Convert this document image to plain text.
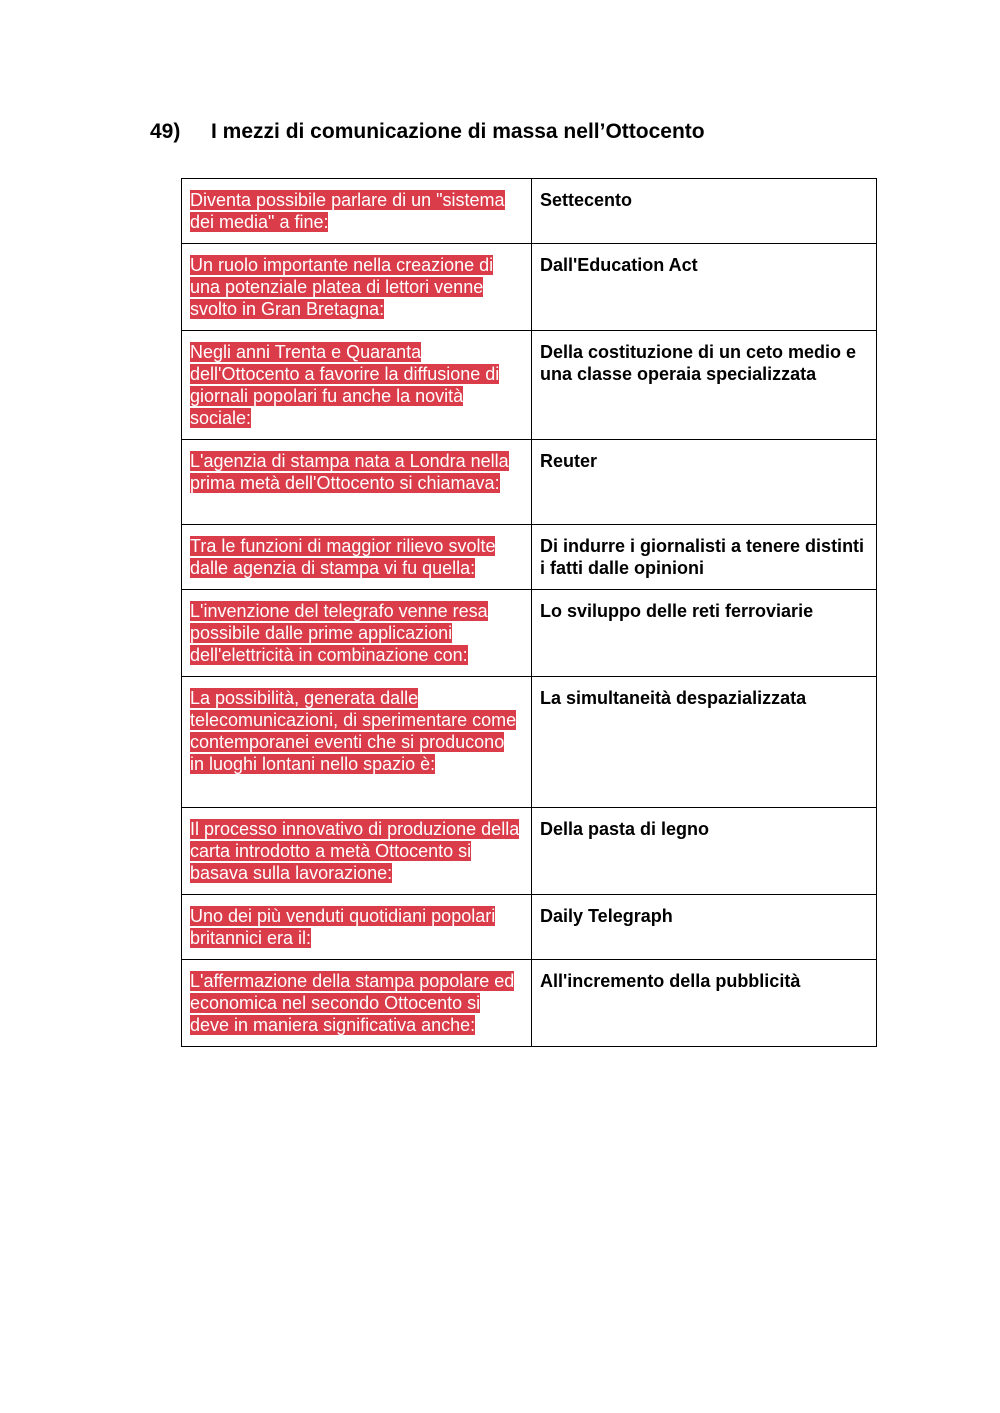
49) I mezzi di comunicazione di massa nell’Ottocento
Diventa possibile parlare di un "sistema dei media" a fine:	Settecento
Un ruolo importante nella creazione di una potenziale platea di lettori venne svolto in Gran Bretagna:	Dall'Education Act
Negli anni Trenta e Quaranta dell'Ottocento a favorire la diffusione di giornali popolari fu anche la novità sociale:	Della costituzione di un ceto medio e una classe operaia specializzata
L'agenzia di stampa nata a Londra nella prima metà dell'Ottocento si chiamava:	Reuter
Tra le funzioni di maggior rilievo svolte dalle agenzia di stampa vi fu quella:	Di indurre i giornalisti a tenere distinti i fatti dalle opinioni
L'invenzione del telegrafo venne resa possibile dalle prime applicazioni dell'elettricità in combinazione con:	Lo sviluppo delle reti ferroviarie
La possibilità, generata dalle telecomunicazioni, di sperimentare come contemporanei eventi che si producono in luoghi lontani nello spazio è:	La simultaneità despazializzata
Il processo innovativo di produzione della carta introdotto a metà Ottocento si basava sulla lavorazione:	Della pasta di legno
Uno dei più venduti quotidiani popolari britannici era il:	Daily Telegraph
L'affermazione della stampa popolare ed economica nel secondo Ottocento si deve in maniera significativa anche:	All'incremento della pubblicità
